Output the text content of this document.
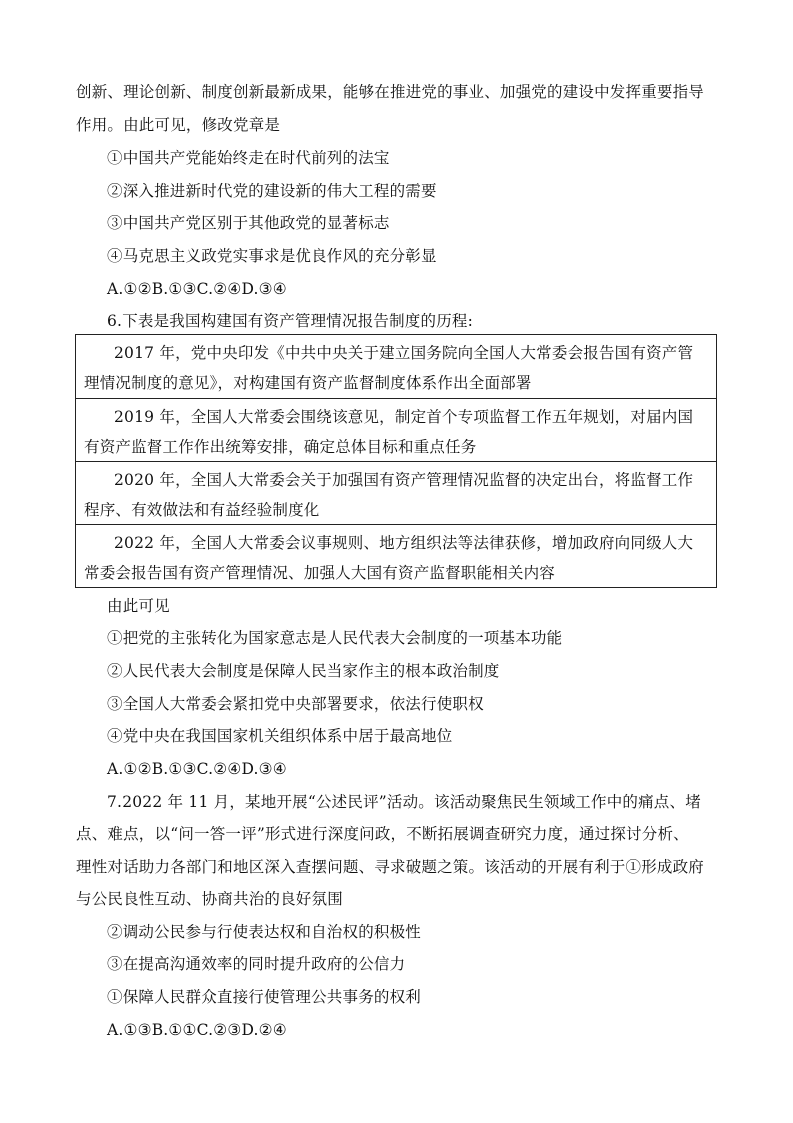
创新、理论创新、制度创新最新成果，能够在推进党的事业、加强党的建设中发挥重要指导
作用。由此可见，修改党章是
①中国共产党能始终走在时代前列的法宝
②深入推进新时代党的建设新的伟大工程的需要
③中国共产党区别于其他政党的显著标志
④马克思主义政党实事求是优良作风的充分彰显
A.①②B.①③C.②④D.③④
6.下表是我国构建国有资产管理情况报告制度的历程:
2017 年，党中央印发《中共中央关于建立国务院向全国人大常委会报告国有资产管
理情况制度的意见》，对构建国有资产监督制度体系作出全面部署
2019 年，全国人大常委会围绕该意见，制定首个专项监督工作五年规划，对届内国
有资产监督工作作出统筹安排，确定总体目标和重点任务
2020 年，全国人大常委会关于加强国有资产管理情况监督的决定出台，将监督工作
程序、有效做法和有益经验制度化
2022 年，全国人大常委会议事规则、地方组织法等法律获修，增加政府向同级人大
常委会报告国有资产管理情况、加强人大国有资产监督职能相关内容
由此可见
①把党的主张转化为国家意志是人民代表大会制度的一项基本功能
②人民代表大会制度是保障人民当家作主的根本政治制度
③全国人大常委会紧扣党中央部署要求，依法行使职权
④党中央在我国国家机关组织体系中居于最高地位
A.①②B.①③C.②④D.③④
7.2022 年 11 月，某地开展“公述民评”活动。该活动聚焦民生领域工作中的痛点、堵
点、难点，以“问一答一评”形式进行深度问政，不断拓展调查研究力度，通过探讨分析、
理性对话助力各部门和地区深入查摆问题、寻求破题之策。该活动的开展有利于①形成政府
与公民良性互动、协商共治的良好氛围
②调动公民参与行使表达权和自治权的积极性
③在提高沟通效率的同时提升政府的公信力
①保障人民群众直接行使管理公共事务的权利
A.①③B.①①C.②③D.②④
